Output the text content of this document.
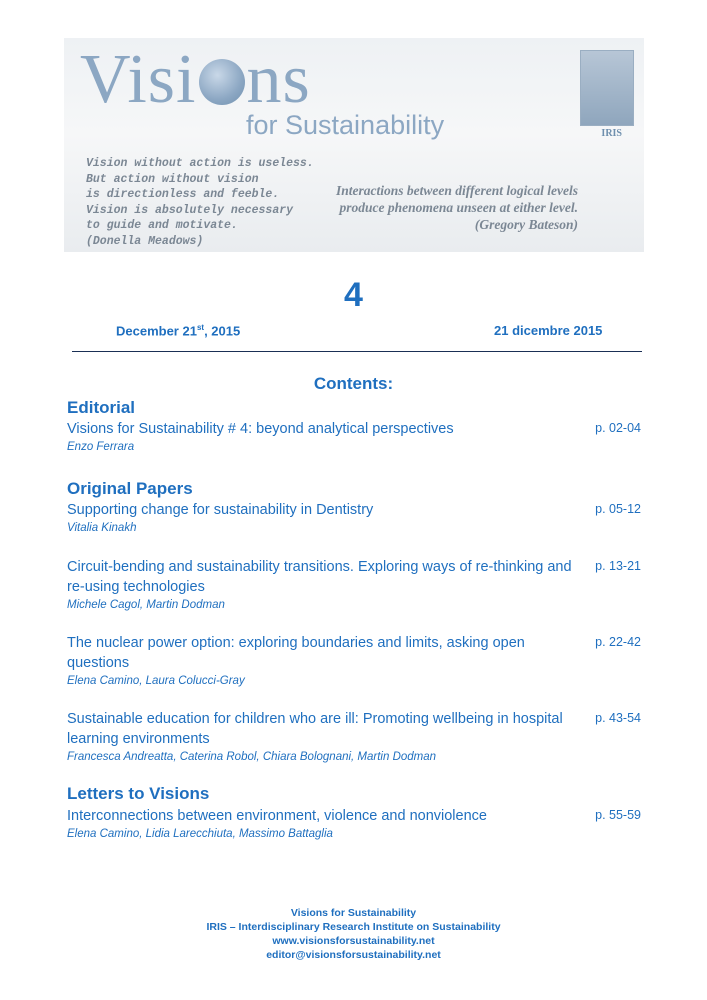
Visi ns
for Sustainability	IRIS
Vision without action is useless.
But action without vision
is directionless and feeble.
Vision is absolutely necessary
to guide and motivate.
(Donella Meadows)
Interactions between different logical levels
produce phenomena unseen at either level.
(Gregory Bateson)
4
December 21st, 2015	21 dicembre 2015
Contents:
Editorial
Visions for Sustainability # 4: beyond analytical perspectives
Enzo Ferrara
p. 02-04
Original Papers
Supporting change for sustainability in Dentistry
Vitalia Kinakh
p. 05-12
Circuit-bending and sustainability transitions. Exploring ways of re-thinking and re-using technologies
Michele Cagol, Martin Dodman
p. 13-21
The nuclear power option: exploring boundaries and limits, asking open questions
Elena Camino, Laura Colucci-Gray
p. 22-42
Sustainable education for children who are ill: Promoting wellbeing in hospital learning environments
Francesca Andreatta, Caterina Robol, Chiara Bolognani, Martin Dodman
p. 43-54
Letters to Visions
Interconnections between environment, violence and nonviolence
Elena Camino, Lidia Larecchiuta, Massimo Battaglia
p. 55-59
Visions for Sustainability
IRIS – Interdisciplinary Research Institute on Sustainability
www.visionsforsustainability.net
editor@visionsforsustainability.net
